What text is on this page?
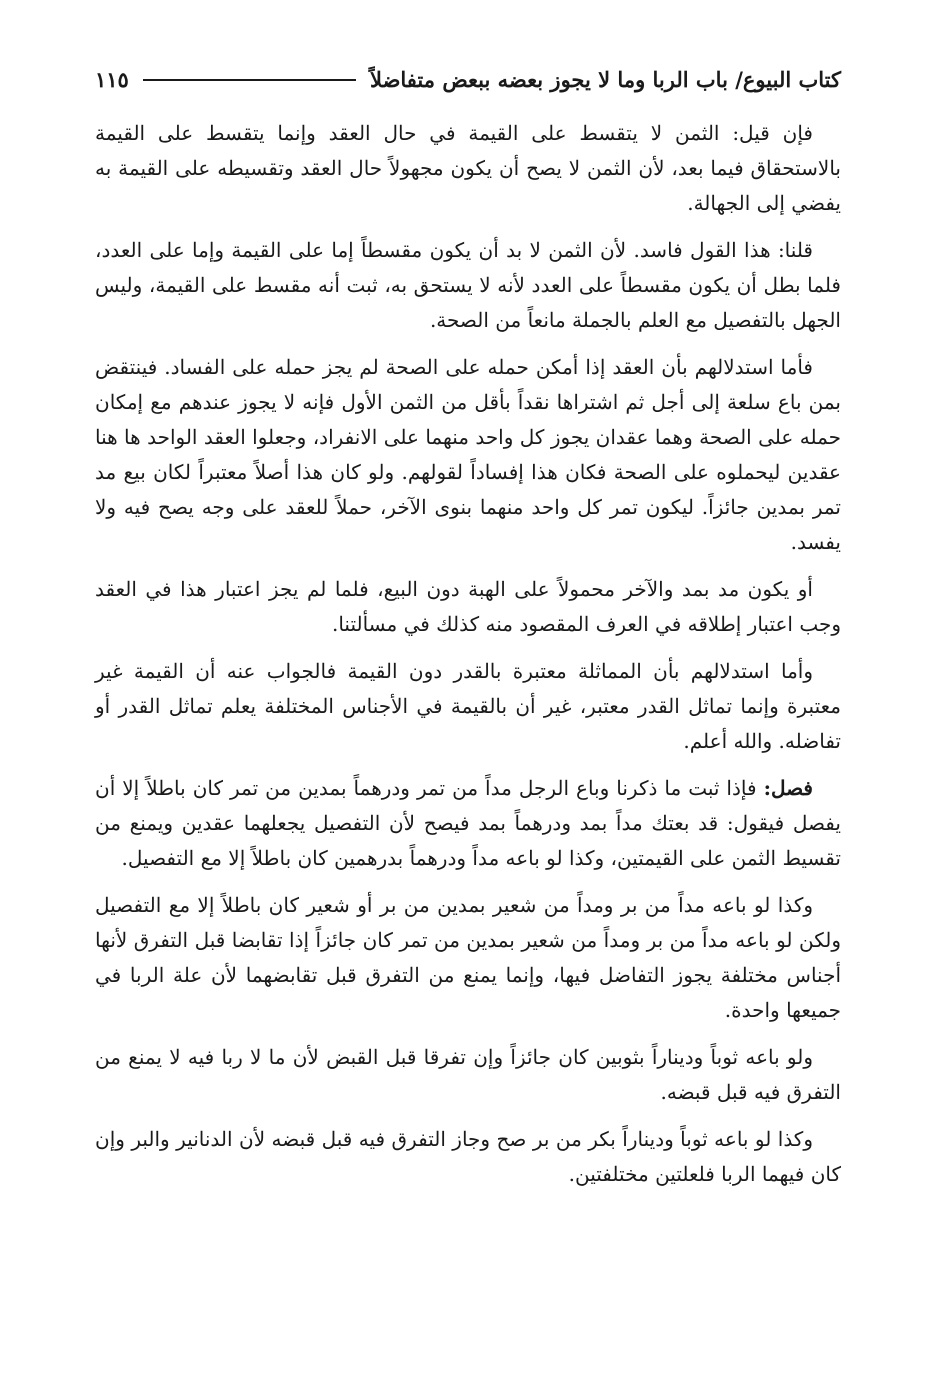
كتاب البيوع/ باب الربا وما لا يجوز بعضه ببعض متفاضلاً
١١٥

فإن قيل: الثمن لا يتقسط على القيمة في حال العقد وإنما يتقسط على القيمة بالاستحقاق فيما بعد، لأن الثمن لا يصح أن يكون مجهولاً حال العقد وتقسيطه على القيمة به يفضي إلى الجهالة.

قلنا: هذا القول فاسد. لأن الثمن لا بد أن يكون مقسطاً إما على القيمة وإما على العدد، فلما بطل أن يكون مقسطاً على العدد لأنه لا يستحق به، ثبت أنه مقسط على القيمة، وليس الجهل بالتفصيل مع العلم بالجملة مانعاً من الصحة.

فأما استدلالهم بأن العقد إذا أمكن حمله على الصحة لم يجز حمله على الفساد. فينتقض بمن باع سلعة إلى أجل ثم اشتراها نقداً بأقل من الثمن الأول فإنه لا يجوز عندهم مع إمكان حمله على الصحة وهما عقدان يجوز كل واحد منهما على الانفراد، وجعلوا العقد الواحد ها هنا عقدين ليحملوه على الصحة فكان هذا إفساداً لقولهم. ولو كان هذا أصلاً معتبراً لكان بيع مد تمر بمدين جائزاً. ليكون تمر كل واحد منهما بنوى الآخر، حملاً للعقد على وجه يصح فيه ولا يفسد.

أو يكون مد بمد والآخر محمولاً على الهبة دون البيع، فلما لم يجز اعتبار هذا في العقد وجب اعتبار إطلاقه في العرف المقصود منه كذلك في مسألتنا.

وأما استدلالهم بأن المماثلة معتبرة بالقدر دون القيمة فالجواب عنه أن القيمة غير معتبرة وإنما تماثل القدر معتبر، غير أن بالقيمة في الأجناس المختلفة يعلم تماثل القدر أو تفاضله. والله أعلم.

فصل: فإذا ثبت ما ذكرنا وباع الرجل مداً من تمر ودرهماً بمدين من تمر كان باطلاً إلا أن يفصل فيقول: قد بعتك مداً بمد ودرهماً بمد فيصح لأن التفصيل يجعلهما عقدين ويمنع من تقسيط الثمن على القيمتين، وكذا لو باعه مداً ودرهماً بدرهمين كان باطلاً إلا مع التفصيل.

وكذا لو باعه مداً من بر ومداً من شعير بمدين من بر أو شعير كان باطلاً إلا مع التفصيل ولكن لو باعه مداً من بر ومداً من شعير بمدين من تمر كان جائزاً إذا تقابضا قبل التفرق لأنها أجناس مختلفة يجوز التفاضل فيها، وإنما يمنع من التفرق قبل تقابضهما لأن علة الربا في جميعها واحدة.

ولو باعه ثوباً وديناراً بثوبين كان جائزاً وإن تفرقا قبل القبض لأن ما لا ربا فيه لا يمنع من التفرق فيه قبل قبضه.

وكذا لو باعه ثوباً وديناراً بكر من بر صح وجاز التفرق فيه قبل قبضه لأن الدنانير والبر وإن كان فيهما الربا فلعلتين مختلفتين.
